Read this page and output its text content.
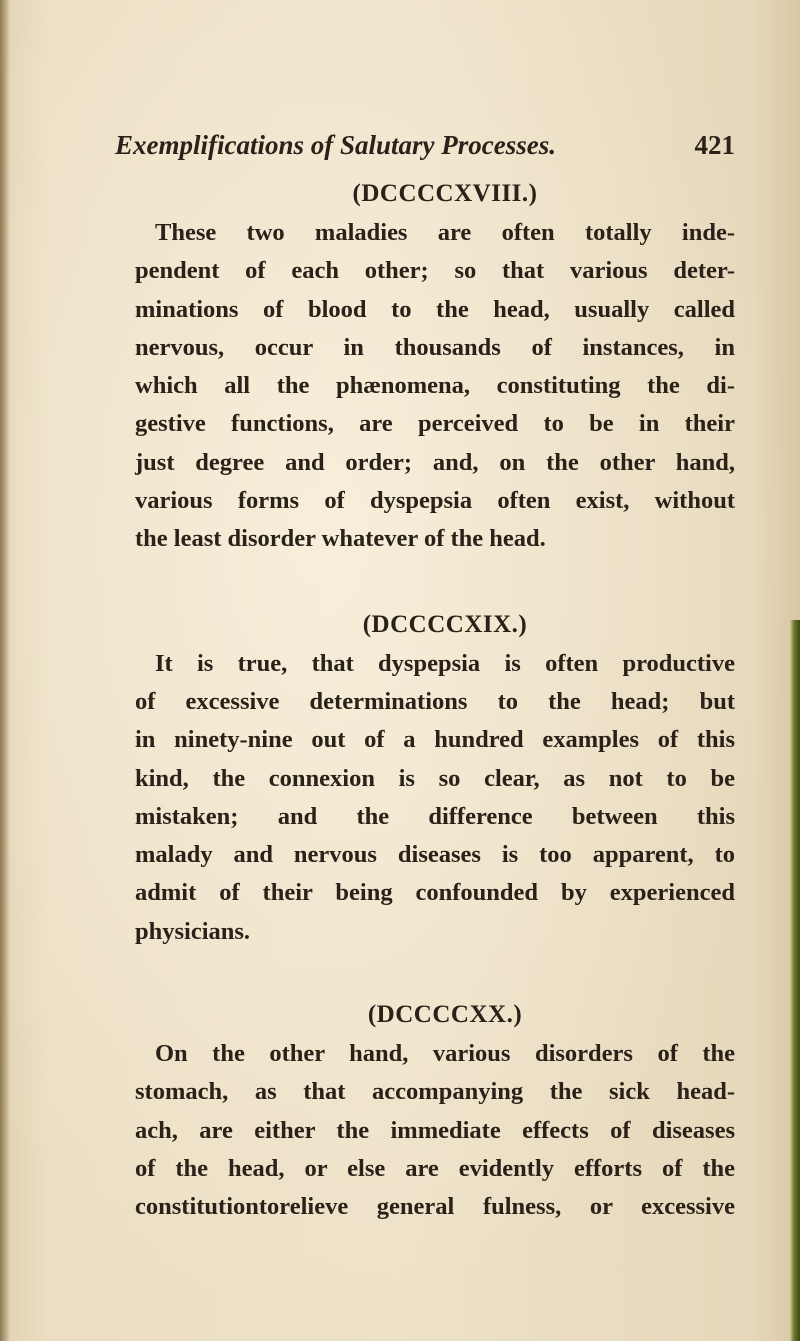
Exemplifications of Salutary Processes.	421
(DCCCCXVIII.)
These two maladies are often totally inde-
pendent of each other; so that various deter-
minations of blood to the head, usually called
nervous, occur in thousands of instances, in
which all the phænomena, constituting the di-
gestive functions, are perceived to be in their
just degree and order; and, on the other hand,
various forms of dyspepsia often exist, without
the least disorder whatever of the head.
(DCCCCXIX.)
It is true, that dyspepsia is often productive
of excessive determinations to the head; but
in ninety-nine out of a hundred examples of this
kind, the connexion is so clear, as not to be
mistaken; and the difference between this
malady and nervous diseases is too apparent, to
admit of their being confounded by experienced
physicians.
(DCCCCXX.)
On the other hand, various disorders of the
stomach, as that accompanying the sick head-
ach, are either the immediate effects of diseases
of the head, or else are evidently efforts of the
constitutiontorelieve general fulness, or excessive
